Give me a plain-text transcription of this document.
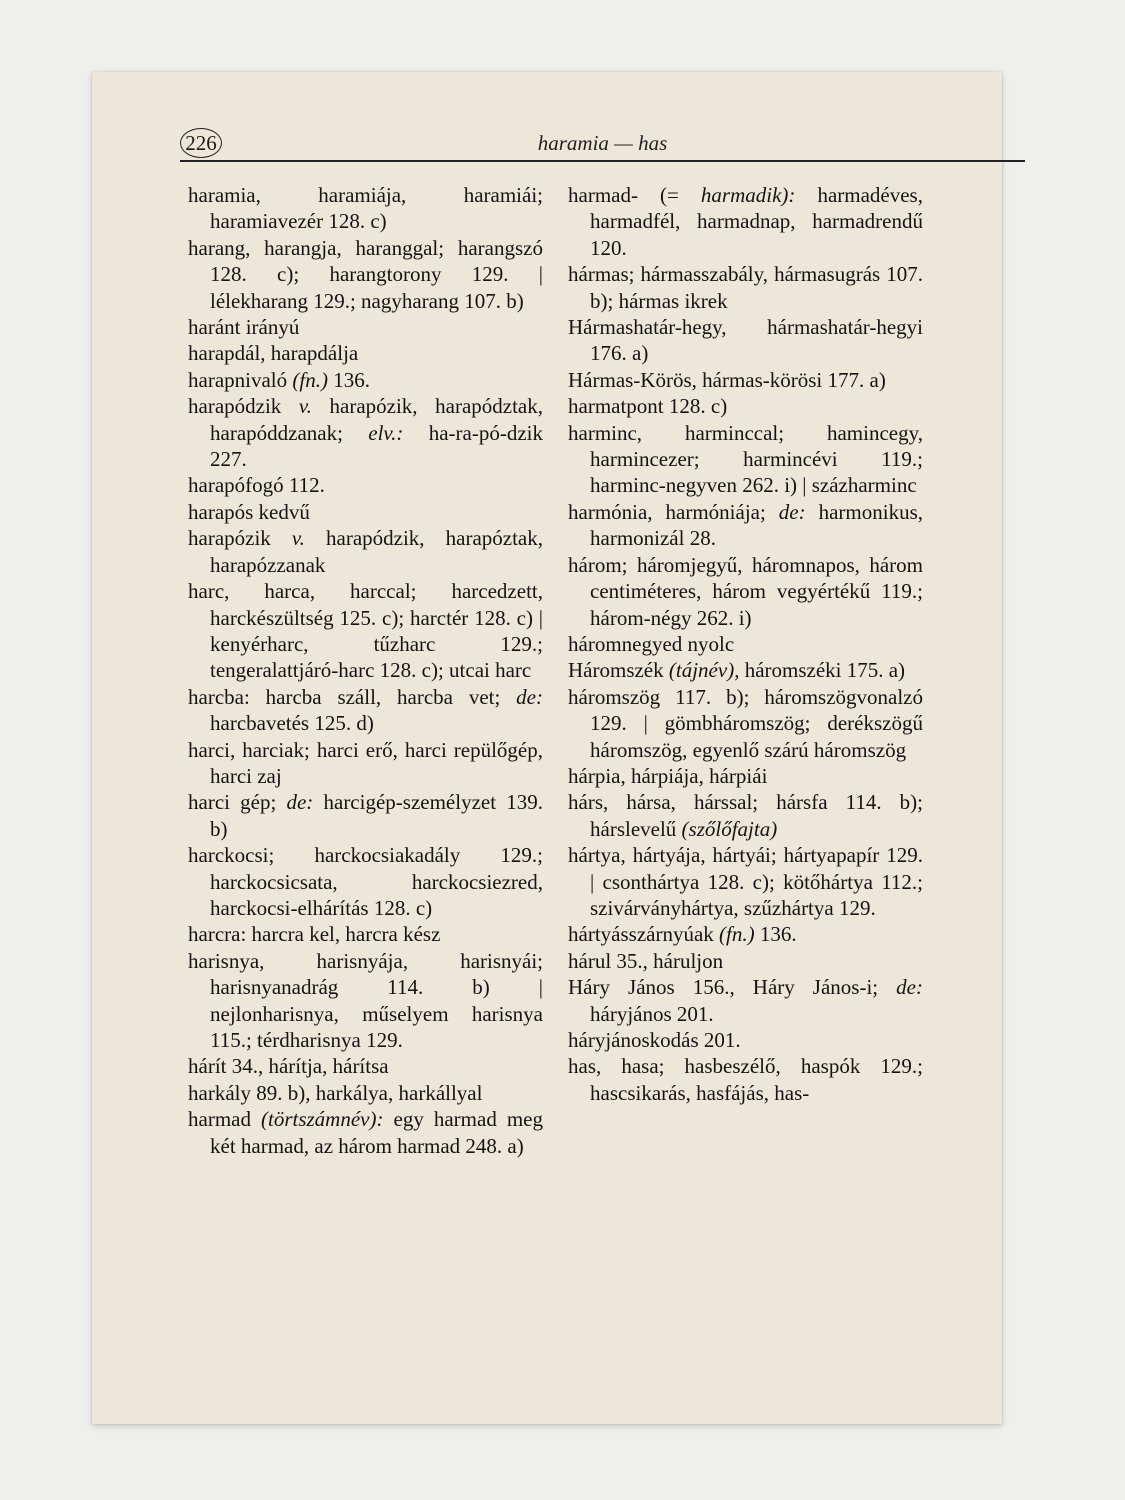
226	haramia — has
haramia, haramiája, haramiái; haramiavezér 128. c)
harang, harangja, haranggal; harangszó 128. c); harangtorony 129. | lélekharang 129.; nagyharang 107. b)
haránt irányú
harapdál, harapdálja
harapnivaló (fn.) 136.
harapódzik v. harapózik, harapództak, harapóddzanak; elv.: ha-ra-pó-dzik 227.
harapófogó 112.
harapós kedvű
harapózik v. harapódzik, harapóztak, harapózzanak
harc, harca, harccal; harcedzett, harckészültség 125. c); harctér 128. c) | kenyérharc, tűzharc 129.; tengeralattjáró-harc 128. c); utcai harc
harcba: harcba száll, harcba vet; de: harcbavetés 125. d)
harci, harciak; harci erő, harci repülőgép, harci zaj
harci gép; de: harcigép-személyzet 139. b)
harckocsi; harckocsiakadály 129.; harckocsicsata, harckocsiezred, harckocsi-elhárítás 128. c)
harcra: harcra kel, harcra kész
harisnya, harisnyája, harisnyái; harisnyanadrág 114. b) | nejlonharisnya, műselyem harisnya 115.; térdharisnya 129.
hárít 34., hárítja, hárítsa
harkály 89. b), harkálya, harkállyal
harmad (törtszámnév): egy harmad meg két harmad, az három harmad 248. a)
harmad- (= harmadik): harmadéves, harmadfél, harmadnap, harmadrendű 120.
hármas; hármasszabály, hármasugrás 107. b); hármas ikrek
Hármashatár-hegy, hármashatár-hegyi 176. a)
Hármas-Körös, hármas-körösi 177. a)
harmatpont 128. c)
harminc, harminccal; hamincegy, harmincezer; harmincévi 119.; harminc-negyven 262. i) | százharminc
harmónia, harmóniája; de: harmonikus, harmonizál 28.
három; háromjegyű, háromnapos, három centiméteres, három vegyértékű 119.; három-négy 262. i)
háromnegyed nyolc
Háromszék (tájnév), háromszéki 175. a)
háromszög 117. b); háromszögvonalzó 129. | gömbháromszög; derékszögű háromszög, egyenlő szárú háromszög
hárpia, hárpiája, hárpiái
hárs, hársa, hárssal; hársfa 114. b); hárslevelű (szőlőfajta)
hártya, hártyája, hártyái; hártyapapír 129. | csonthártya 128. c); kötőhártya 112.; szivárványhártya, szűzhártya 129.
hártyásszárnyúak (fn.) 136.
hárul 35., háruljon
Háry János 156., Háry János-i; de: háryjános 201.
háryjánoskodás 201.
has, hasa; hasbeszélő, haspók 129.; hascsikarás, hasfájás, has-
